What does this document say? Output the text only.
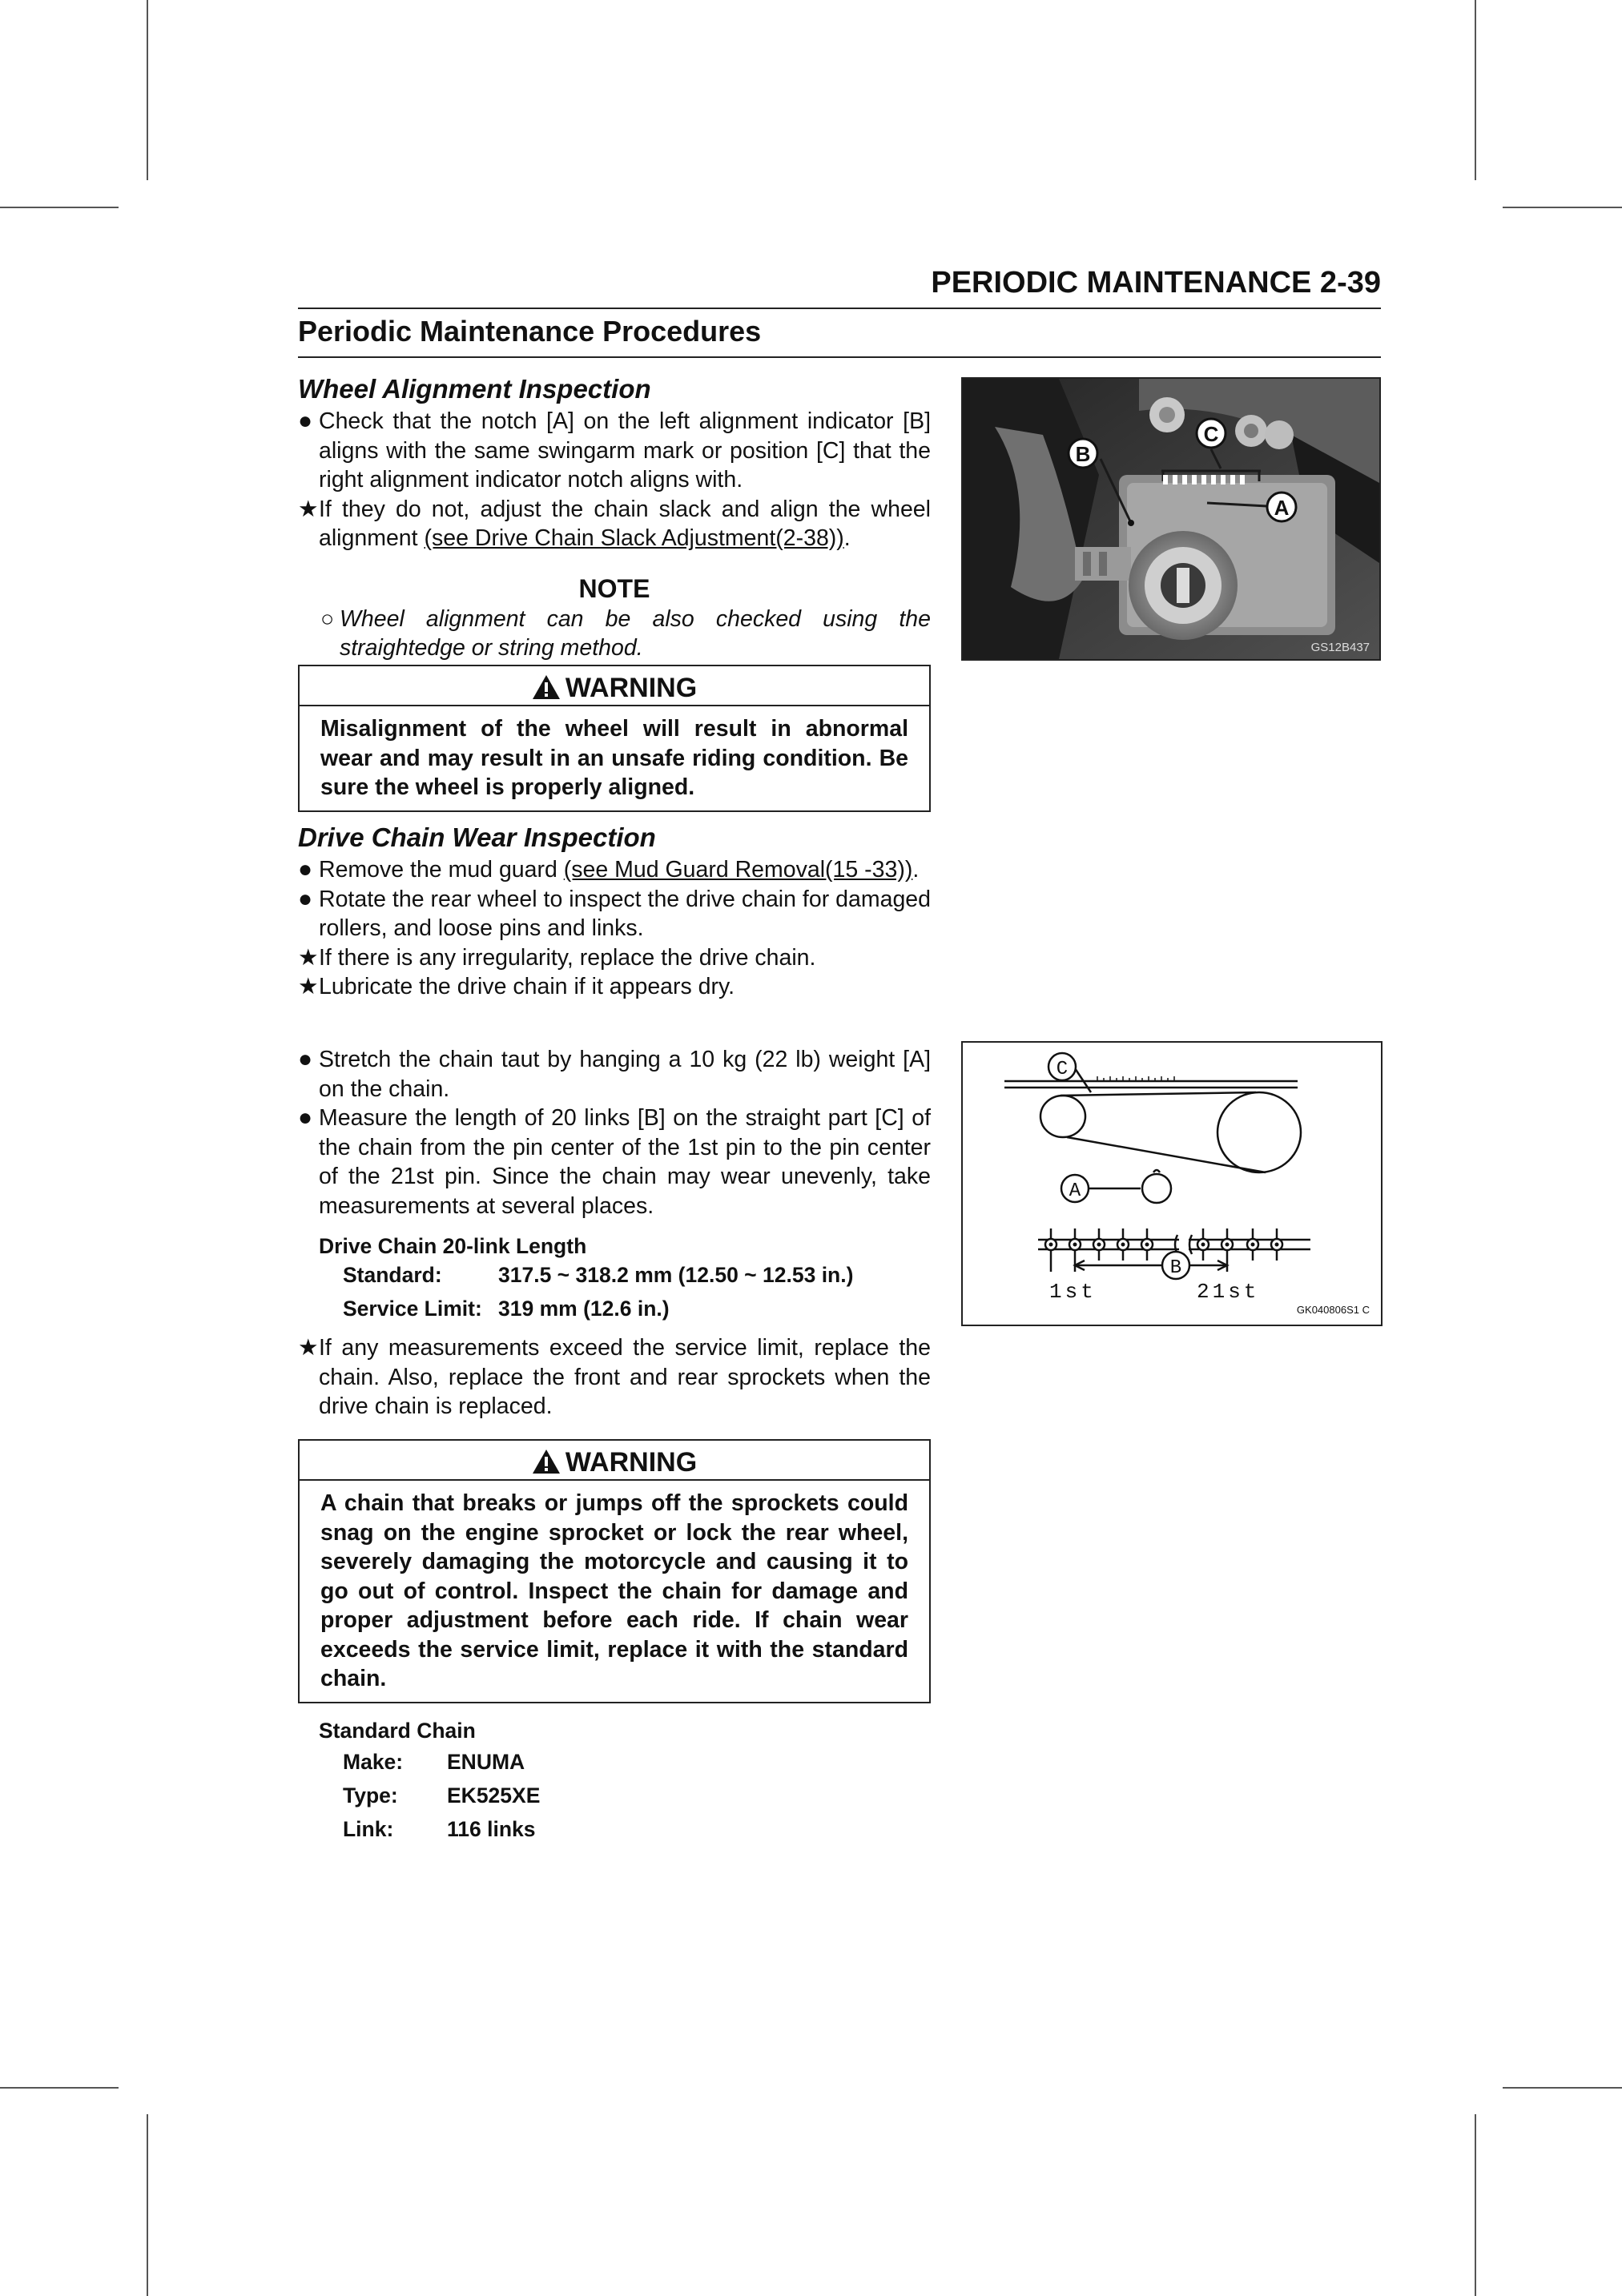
PERIODIC MAINTENANCE 2-39
Periodic Maintenance Procedures
Wheel Alignment Inspection
● Check that the notch [A] on the left alignment indicator [B] aligns with the same swingarm mark or position [C] that the right alignment indicator notch aligns with.
★ If they do not, adjust the chain slack and align the wheel alignment (see Drive Chain Slack Adjustment(2-38)).
NOTE
○ Wheel alignment can be also checked using the straightedge or string method.
WARNING
Misalignment of the wheel will result in abnormal wear and may result in an unsafe riding condition. Be sure the wheel is properly aligned.
B
C
A
GS12B437
Drive Chain Wear Inspection
● Remove the mud guard (see Mud Guard Removal(15 -33)).
● Rotate the rear wheel to inspect the drive chain for damaged rollers, and loose pins and links.
★ If there is any irregularity, replace the drive chain.
★ Lubricate the drive chain if it appears dry.
● Stretch the chain taut by hanging a 10 kg (22 lb) weight [A] on the chain.
● Measure the length of 20 links [B] on the straight part [C] of the chain from the pin center of the 1st pin to the pin center of the 21st pin. Since the chain may wear unevenly, take measurements at several places.
Drive Chain 20-link Length
Standard:	317.5 ~ 318.2 mm (12.50 ~ 12.53 in.)
Service Limit: 319 mm (12.6 in.)
★ If any measurements exceed the service limit, replace the chain. Also, replace the front and rear sprockets when the drive chain is replaced.
WARNING
A chain that breaks or jumps off the sprockets could snag on the engine sprocket or lock the rear wheel, severely damaging the motorcycle and causing it to go out of control. Inspect the chain for damage and proper adjustment before each ride. If chain wear exceeds the service limit, replace it with the standard chain.
Standard Chain
Make:	ENUMA
Type:	EK525XE
Link:	116 links
C
A
B
1st	21st
GK040806S1 C
